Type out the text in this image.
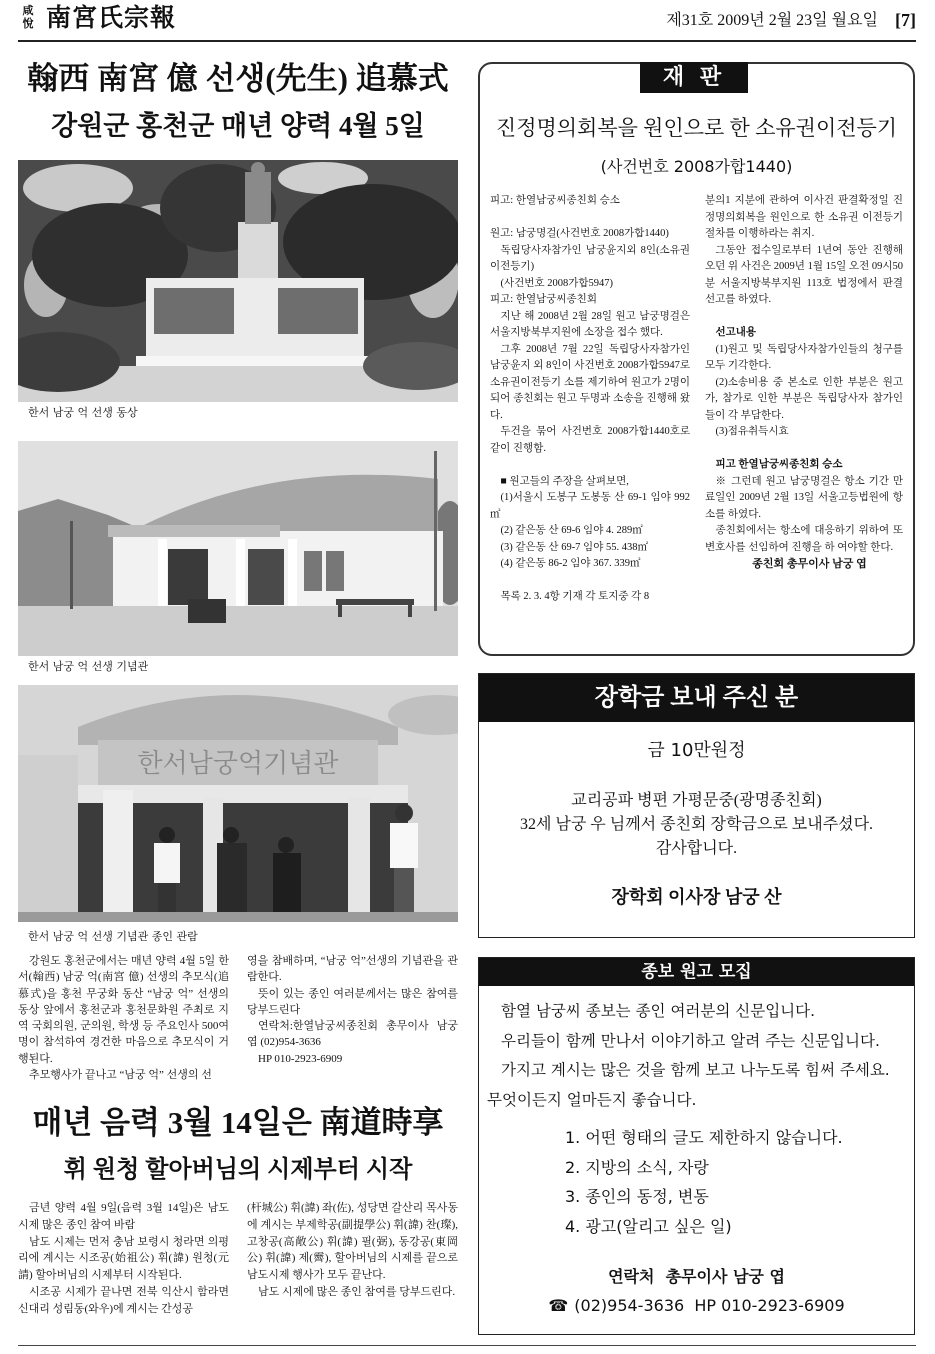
咸
悅 南宮氏宗報	제31호 2009년 2월 23일 월요일 [7]
翰西 南宮 億 선생(先生) 追慕式
강원군 홍천군 매년 양력 4월 5일
한서 남궁 억 선생 동상
한서 남궁 억 선생 기념관
한서남궁억기념관
한서 남궁 억 선생 기념관 종인 관람

강원도 홍천군에서는 매년 양력 4월 5일 한서(翰西) 남궁 억(南宮 億) 선생의 추모식(追慕式)을 홍천 무궁화 동산 “남궁 억” 선생의 동상 앞에서 홍천군과 홍천문화원 주최로 지역 국회의원, 군의원, 학생 등 주요인사 500여명이 참석하여 경건한 마음으로 추모식이 거행된다.

추모행사가 끝나고 “남궁 억” 선생의 선

영을 참배하며, “남궁 억”선생의 기념관을 관람한다.

뜻이 있는 종인 여러분께서는 많은 참여를 당부드린다

연락처:한열남궁씨종친회 총무이사 남궁 엽 (02)954-3636

HP 010-2923-6909

매년 음력 3월 14일은 南道時享
휘 원청 할아버님의 시제부터 시작

금년 양력 4월 9일(음력 3월 14일)은 남도시제 많은 종인 참여 바람

남도 시제는 먼저 충남 보령시 청라면 의평리에 계시는 시조공(始祖公) 휘(諱) 원청(元請) 할아버님의 시제부터 시작된다.

시조공 시제가 끝나면 전북 익산시 함라면 신대리 성림동(와우)에 계시는 간성공

(杆城公) 휘(諱) 좌(佐), 성당면 갈산리 목사동에 계시는 부제학공(副提學公) 휘(諱) 찬(璨), 고창공(高敞公) 휘(諱) 필(弼), 동강공(東岡公) 휘(諱) 제(霽), 할아버님의 시제를 끝으로 남도시제 행사가 모두 끝난다.

남도 시제에 많은 종인 참여를 당부드린다.

진정명의회복을 원인으로 한 소유권이전등기
(사건번호 2008가합1440)

피고: 한열남궁씨종친회 승소

원고: 남궁명걸(사건번호 2008가합1440)

독립당사자참가인 남궁윤지외 8인(소유권이전등기)

(사건번호 2008가합5947)

피고: 한열남궁씨종친회

지난 해 2008년 2월 28일 원고 남궁명걸은 서울지방북부지원에 소장을 접수 했다.

그후 2008년 7월 22일 독립당사자참가인 남궁윤지 외 8인이 사건번호 2008가합5947로 소유권이전등기 소를 제기하여 원고가 2명이되어 종친회는 원고 두명과 소송을 진행해 왔다.

두건을 묶어 사건번호 2008가합1440호로 같이 진행함.

■ 원고들의 주장을 살펴보면,

(1)서울시 도봉구 도봉동 산 69-1 임야 992㎡

(2) 같은동 산 69-6 임야 4. 289㎡

(3) 같은동 산 69-7 임야 55. 438㎡

(4) 같은동 86-2 임야 367. 339㎡

목록 2. 3. 4항 기재 각 토지중 각 8

분의1 지분에 관하여 이사건 판결확정일 진정명의회복을 원인으로 한 소유권 이전등기 절차를 이행하라는 취지.

그동안 접수일로부터 1년여 동안 진행해 오던 위 사건은 2009년 1월 15일 오전 09시50분 서울지방북부지원 113호 법정에서 판결선고를 하였다.

선고내용

(1)원고 및 독립당사자참가인들의 청구를 모두 기각한다.

(2)소송비용 중 본소로 인한 부분은 원고가, 참가로 인한 부분은 독립당사자 참가인들이 각 부담한다.

(3)점유취득시효

피고 한열남궁씨종친회 승소

※ 그런데 원고 남궁명걸은 항소 기간 만료일인 2009년 2월 13일 서울고등법원에 항소를 하였다.

종친회에서는 항소에 대응하기 위하여 또 변호사를 선임하여 진행을 하 여야할 한다.

종친회 총무이사 남궁 엽

재 판
장학금 보내 주신 분
금 10만원정
교리공파 병편 가평문중(광명종친회)
32세 남궁 우 님께서 종친회 장학금으로 보내주셨다.
감사합니다.
장학회 이사장 남궁 산
종보 원고 모집

함열 남궁씨 종보는 종인 여러분의 신문입니다.

우리들이 함께 만나서 이야기하고 알려 주는 신문입니다.

가지고 계시는 많은 것을 함께 보고 나누도록 힘써 주세요.

무엇이든지 얼마든지 좋습니다.

1. 어떤 형태의 글도 제한하지 않습니다.
2. 지방의 소식, 자랑
3. 종인의 동정, 변동
4. 광고(알리고 싶은 일)
연락처  총무이사 남궁 엽
☎ (02)954-3636  HP 010-2923-6909
